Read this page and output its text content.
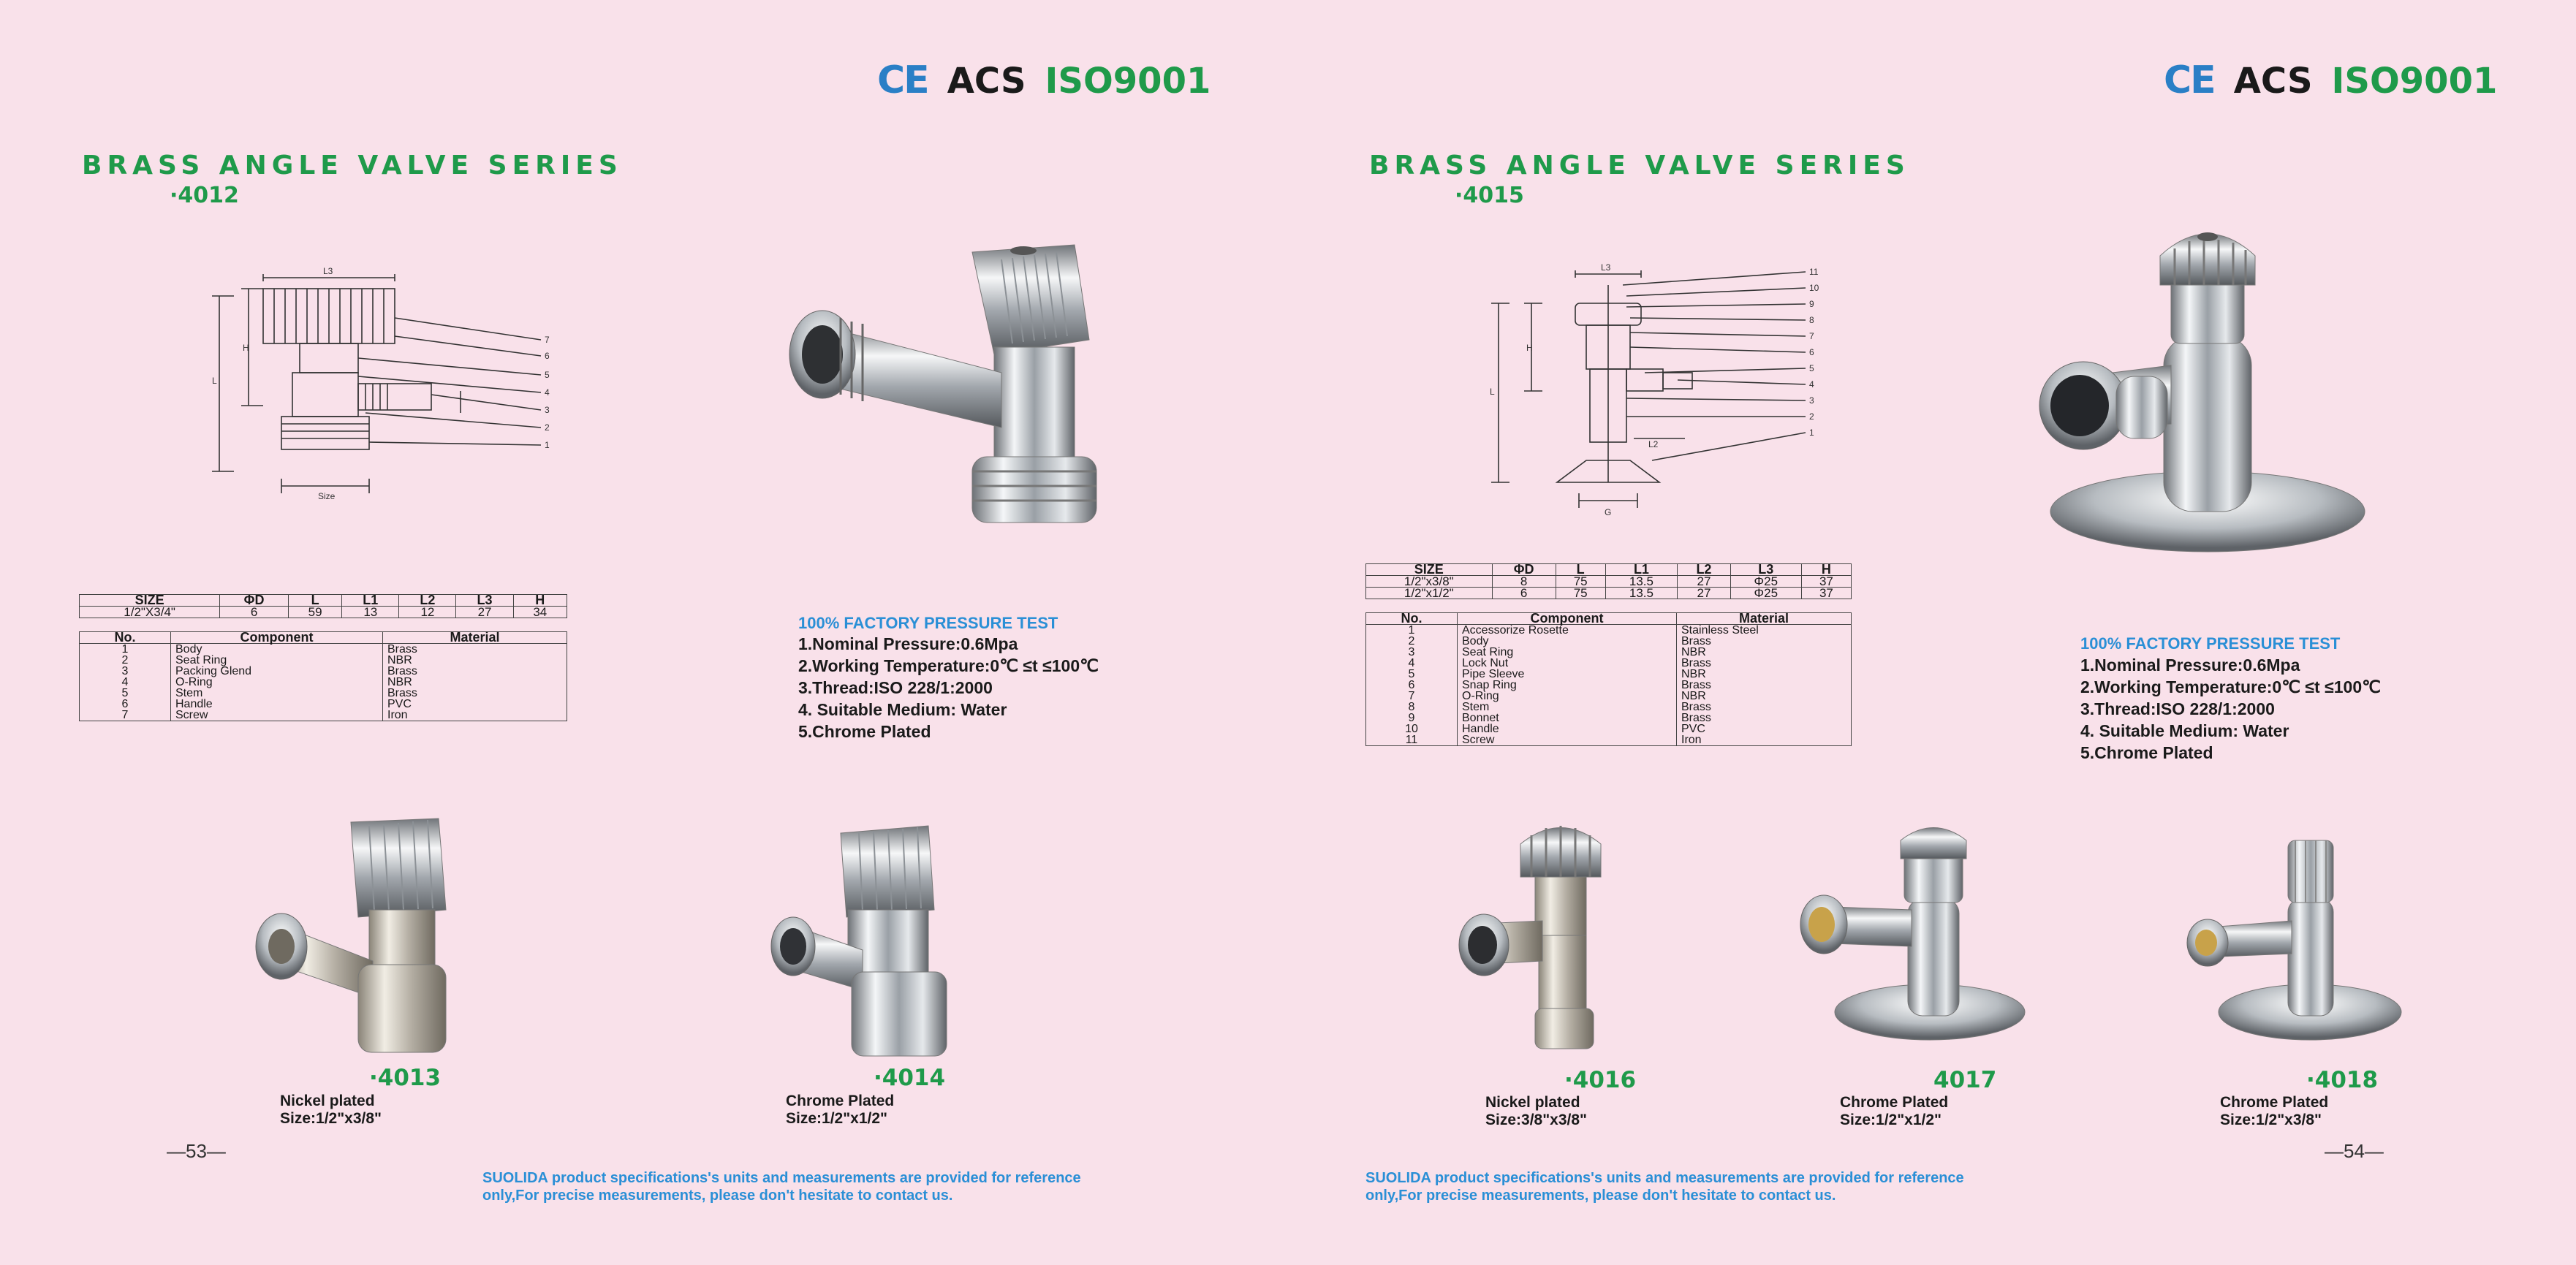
CE ACS ISO9001
BRASS ANGLE VALVE SERIES
·4012
L3
L
H
Size
7
6
5
4
3
2
1
SIZE	ΦD	L	L1	L2	L3	H
1/2"X3/4"	6	59	13	12	27	34
No.	Component	Material
1	Body	Brass
2	Seat Ring	NBR
3	Packing Glend	Brass
4	O-Ring	NBR
5	Stem	Brass
6	Handle	PVC
7	Screw	Iron
100% FACTORY PRESSURE TEST
1.Nominal Pressure:0.6Mpa
2.Working Temperature:0℃ ≤t ≤100℃
3.Thread:ISO 228/1:2000
4. Suitable Medium: Water
5.Chrome Plated
·4013
Nickel plated
Size:1/2"x3/8"
·4014
Chrome Plated
Size:1/2"x1/2"
—53—
SUOLIDA product specifications's units and measurements are provided for reference
only,For precise measurements, please don't hesitate to contact us.
CE ACS ISO9001
BRASS ANGLE VALVE SERIES
·4015
L3
L
H
G
L2
11
10
9
8
7
6
5
4
3
2
1
SIZE	ΦD	L	L1	L2	L3	H
1/2"x3/8"	8	75	13.5	27	Φ25	37
1/2"x1/2"	6	75	13.5	27	Φ25	37
No.	Component	Material
1	Accessorize Rosette	Stainless Steel
2	Body	Brass
3	Seat Ring	NBR
4	Lock Nut	Brass
5	Pipe Sleeve	NBR
6	Snap Ring	Brass
7	O-Ring	NBR
8	Stem	Brass
9	Bonnet	Brass
10	Handle	PVC
11	Screw	Iron
100% FACTORY PRESSURE TEST
1.Nominal Pressure:0.6Mpa
2.Working Temperature:0℃ ≤t ≤100℃
3.Thread:ISO 228/1:2000
4. Suitable Medium: Water
5.Chrome Plated
·4016
Nickel plated
Size:3/8"x3/8"
4017
Chrome Plated
Size:1/2"x1/2"
·4018
Chrome Plated
Size:1/2"x3/8"
—54—
SUOLIDA product specifications's units and measurements are provided for reference
only,For precise measurements, please don't hesitate to contact us.
